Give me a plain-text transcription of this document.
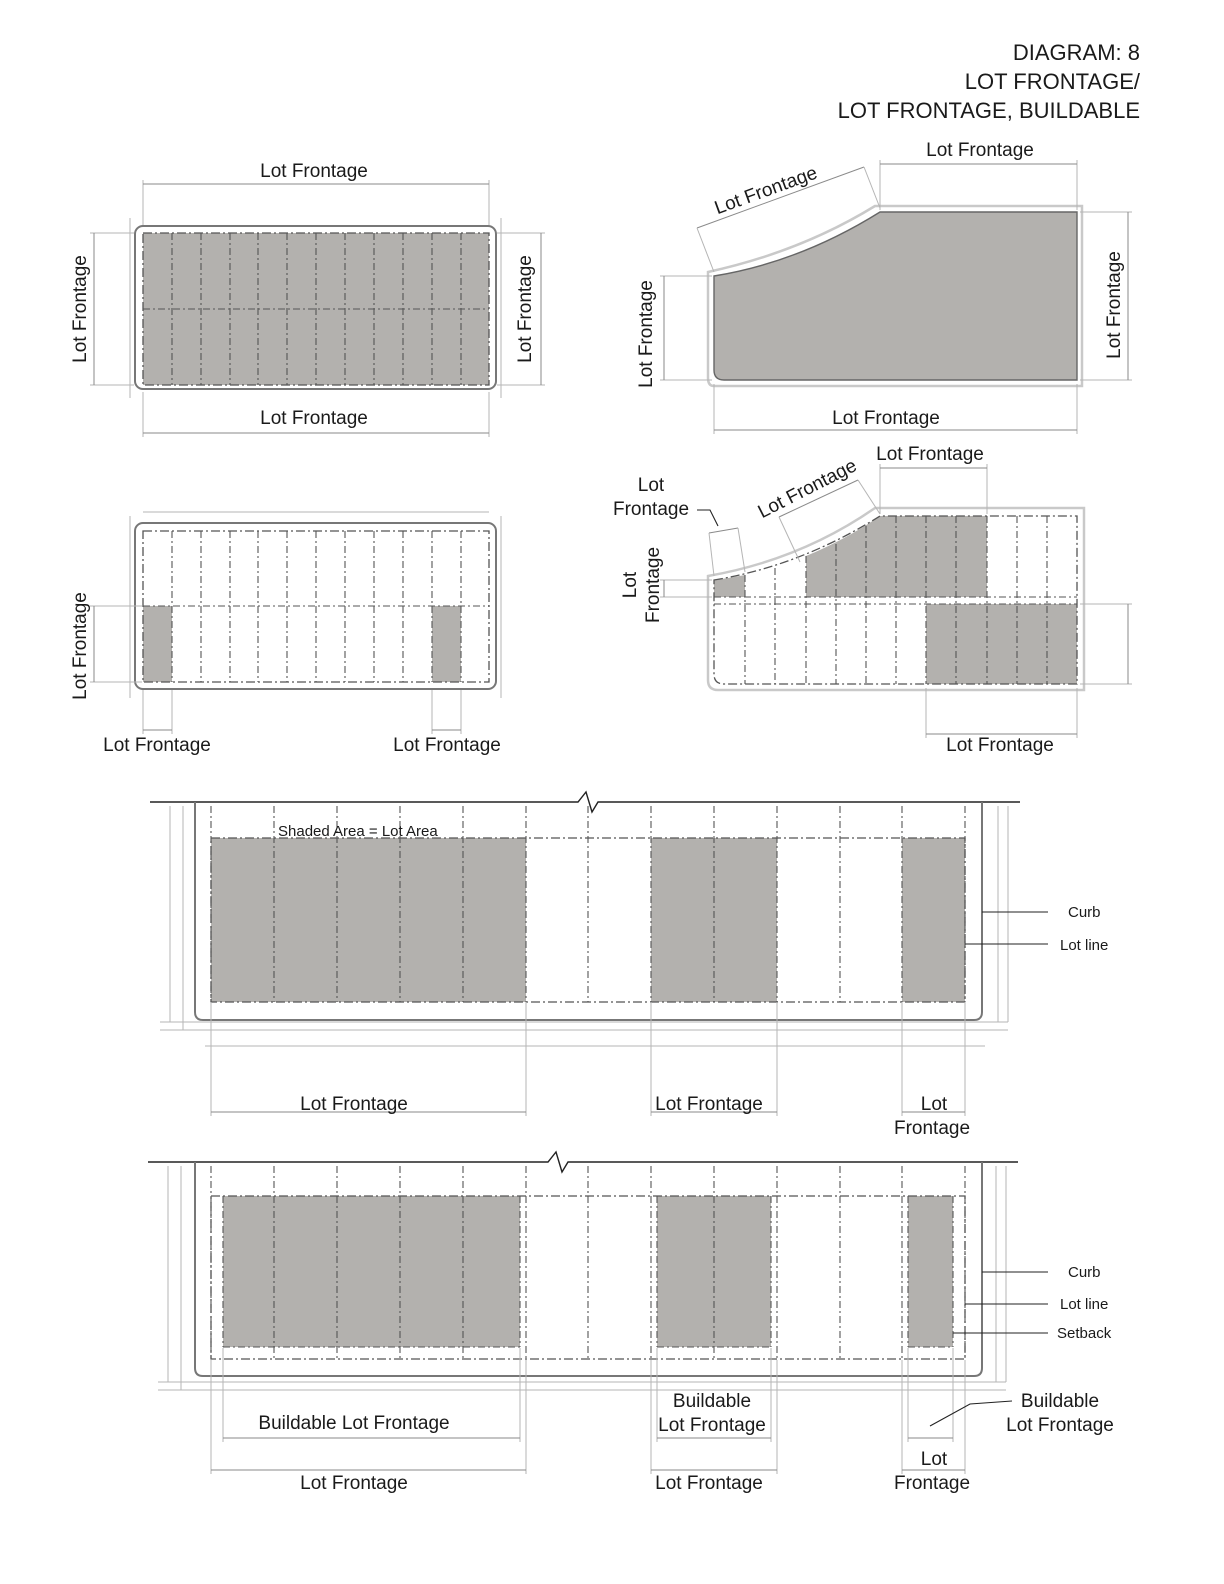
DIAGRAM: 8
LOT FRONTAGE/
LOT FRONTAGE, BUILDABLE
Lot Frontage
Lot Frontage
Lot Frontage	Lot Frontage
Lot Frontage
Lot Frontage
Lot Frontage	Lot Frontage
Lot Frontage
Lot Frontage
Lot Frontage	Lot Frontage
Lot Frontage
Lot Frontage
Lot
Frontage
Lot Frontage
Lot Frontage
Shaded Area = Lot Area
Curb
Lot line
Lot Frontage	Lot Frontage	Lot
Frontage
Curb
Lot line
Setback
Buildable Lot Frontage
Buildable
Lot Frontage
Buildable
Lot Frontage
Lot Frontage	Lot Frontage
Lot
Frontage
